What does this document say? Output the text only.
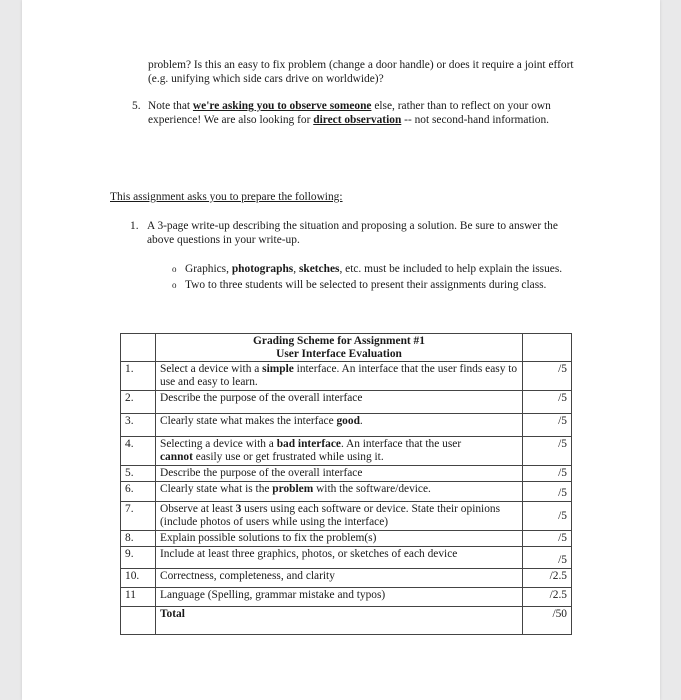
problem? Is this an easy to fix problem (change a door handle) or does it require a joint effort (e.g. unifying which side cars drive on worldwide)?
5. Note that we're asking you to observe someone else, rather than to reflect on your own experience! We are also looking for direct observation -- not second-hand information.
This assignment asks you to prepare the following:
1. A 3-page write-up describing the situation and proposing a solution. Be sure to answer the above questions in your write-up.
o Graphics, photographs, sketches, etc. must be included to help explain the issues.
o Two to three students will be selected to present their assignments during class.

	Grading Scheme for Assignment #1
User Interface Evaluation	

1.	Select a device with a simple interface. An interface that the user finds easy to use and easy to learn.	/5
2.	Describe the purpose of the overall interface	/5
3.	Clearly state what makes the interface good.	/5
4.	Selecting a device with a bad interface. An interface that the user
cannot easily use or get frustrated while using it.	/5
5.	Describe the purpose of the overall interface	/5
6.	Clearly state what is the problem with the software/device.	/5
7.	Observe at least 3 users using each software or device. State their opinions (include photos of users while using the interface)	/5
8.	Explain possible solutions to fix the problem(s)	/5
9.	Include at least three graphics, photos, or sketches of each device	/5
10.	Correctness, completeness, and clarity	/2.5
11	Language (Spelling, grammar mistake and typos)	/2.5
	Total	/50
